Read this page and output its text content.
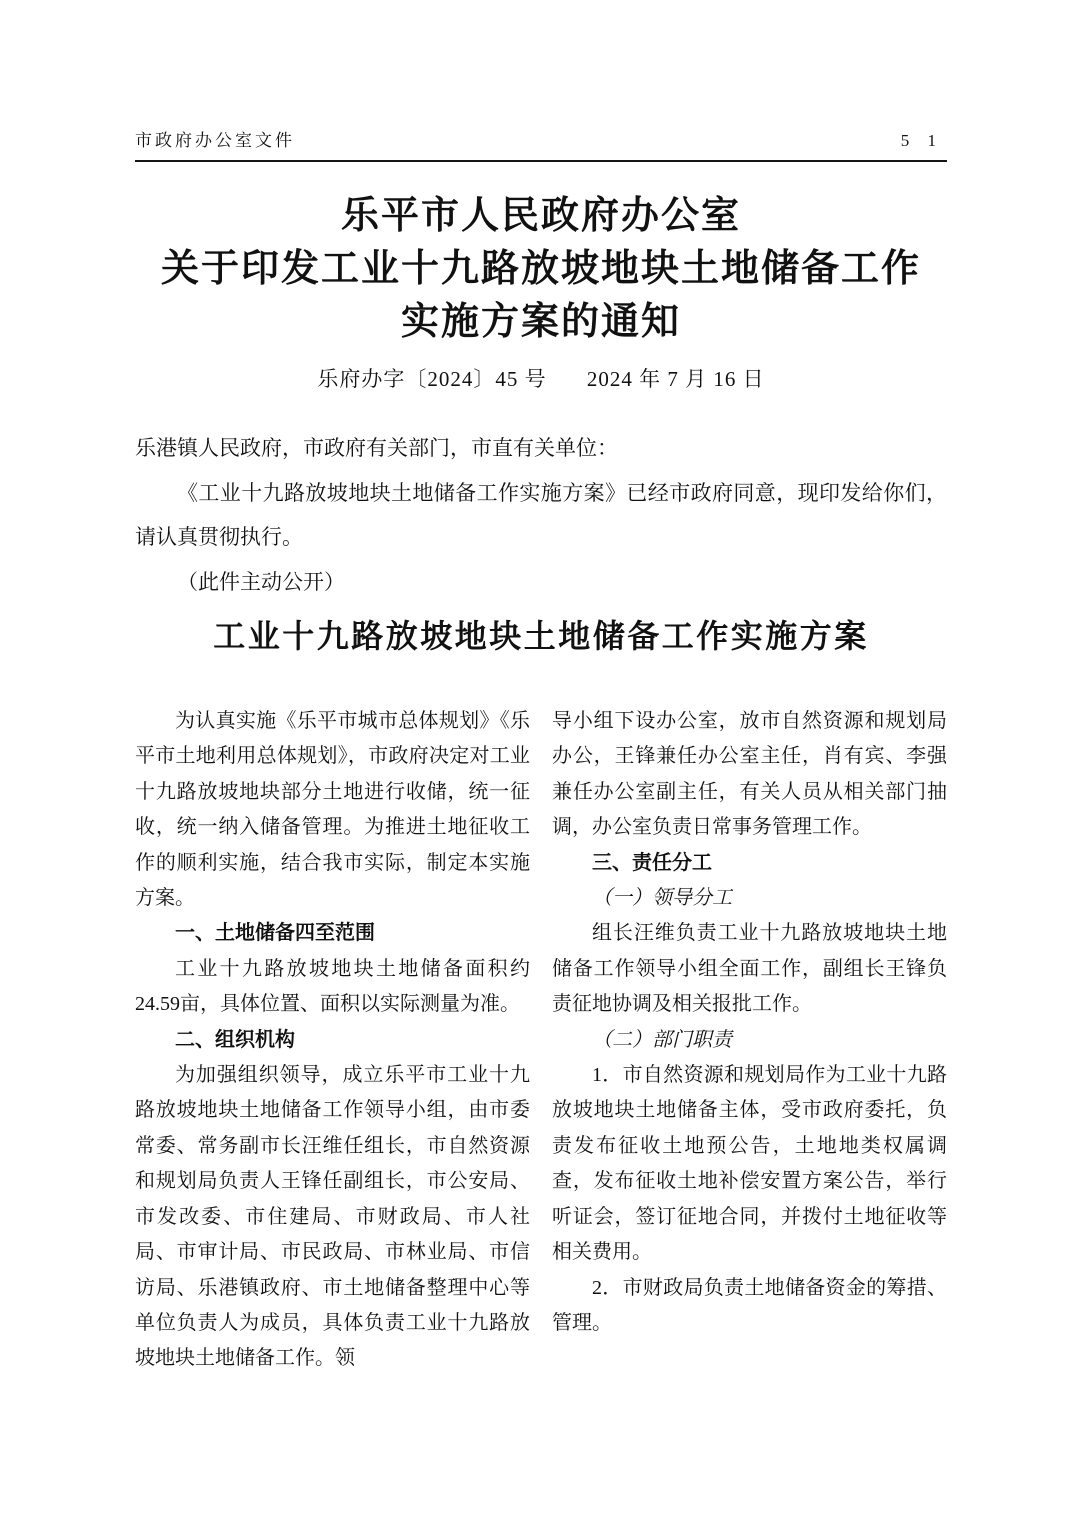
市政府办公室文件	5 1
乐平市人民政府办公室
关于印发工业十九路放坡地块土地储备工作
实施方案的通知
乐府办字〔2024〕45 号 2024 年 7 月 16 日

乐港镇人民政府，市政府有关部门，市直有关单位：

《工业十九路放坡地块土地储备工作实施方案》已经市政府同意，现印发给你们，请认真贯彻执行。

（此件主动公开）

工业十九路放坡地块土地储备工作实施方案

为认真实施《乐平市城市总体规划》《乐平市土地利用总体规划》，市政府决定对工业十九路放坡地块部分土地进行收储，统一征收，统一纳入储备管理。为推进土地征收工作的顺利实施，结合我市实际，制定本实施方案。

一、土地储备四至范围

工业十九路放坡地块土地储备面积约24.59亩，具体位置、面积以实际测量为准。

二、组织机构

为加强组织领导，成立乐平市工业十九路放坡地块土地储备工作领导小组，由市委常委、常务副市长汪维任组长，市自然资源和规划局负责人王锋任副组长，市公安局、市发改委、市住建局、市财政局、市人社局、市审计局、市民政局、市林业局、市信访局、乐港镇政府、市土地储备整理中心等单位负责人为成员，具体负责工业十九路放坡地块土地储备工作。领

导小组下设办公室，放市自然资源和规划局办公，王锋兼任办公室主任，肖有宾、李强兼任办公室副主任，有关人员从相关部门抽调，办公室负责日常事务管理工作。

三、责任分工

（一）领导分工

组长汪维负责工业十九路放坡地块土地储备工作领导小组全面工作，副组长王锋负责征地协调及相关报批工作。

（二）部门职责

1．市自然资源和规划局作为工业十九路放坡地块土地储备主体，受市政府委托，负责发布征收土地预公告，土地地类权属调查，发布征收土地补偿安置方案公告，举行听证会，签订征地合同，并拨付土地征收等相关费用。

2．市财政局负责土地储备资金的筹措、管理。
